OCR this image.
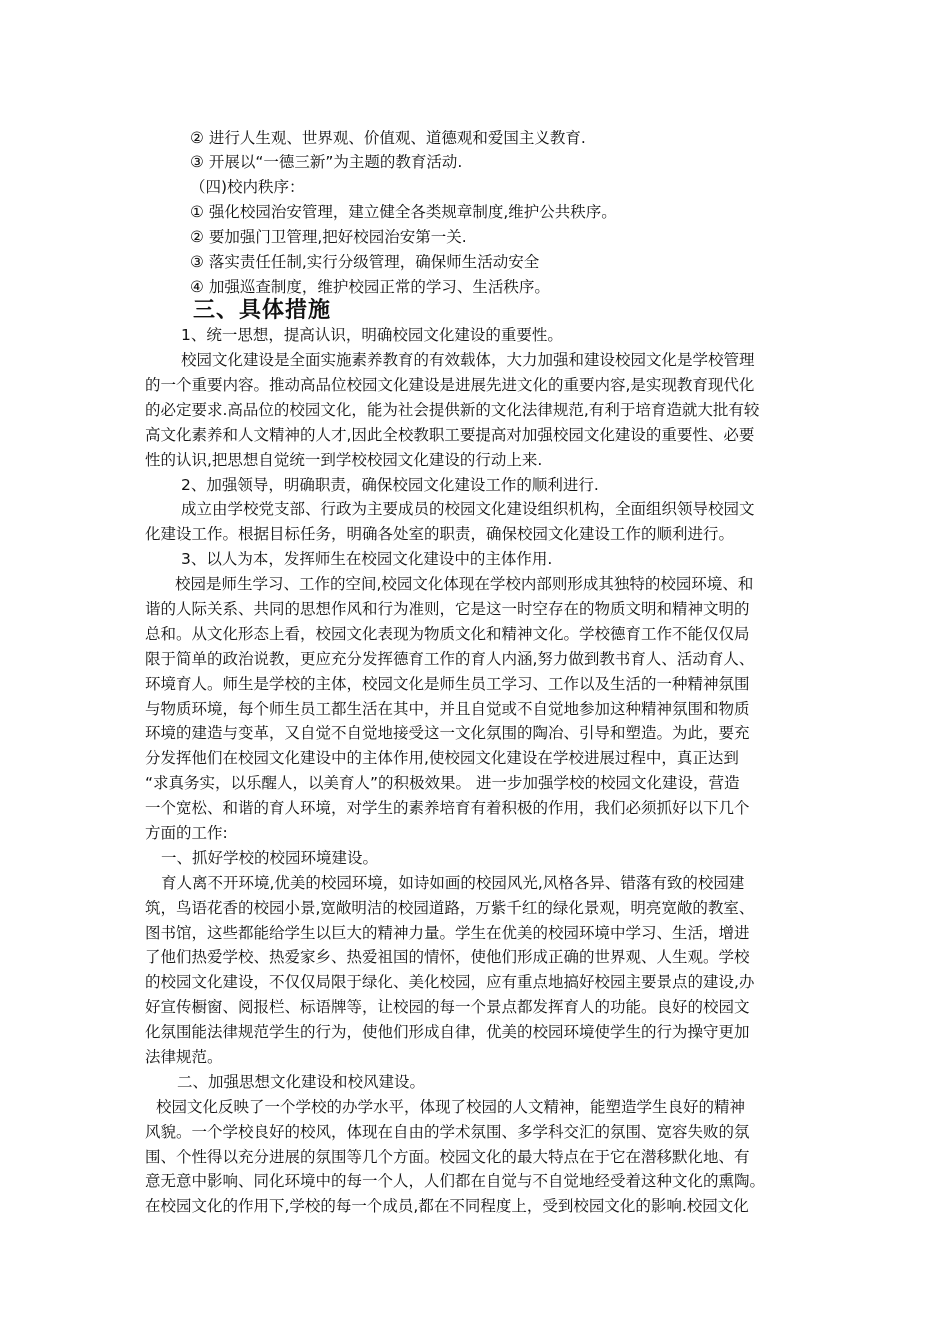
② 进行人生观、世界观、价值观、道德观和爱国主义教育.
③ 开展以“一德三新”为主题的教育活动.
（四)校内秩序：
① 强化校园治安管理，建立健全各类规章制度,维护公共秩序。
② 要加强门卫管理,把好校园治安第一关.
③ 落实责任任制,实行分级管理，确保师生活动安全
④ 加强巡查制度，维护校园正常的学习、生活秩序。
三、具体措施
1、统一思想，提高认识，明确校园文化建设的重要性。
校园文化建设是全面实施素养教育的有效载体，大力加强和建设校园文化是学校管理
的一个重要内容。推动高品位校园文化建设是进展先进文化的重要内容,是实现教育现代化
的必定要求.高品位的校园文化，能为社会提供新的文化法律规范,有利于培育造就大批有较
高文化素养和人文精神的人才,因此全校教职工要提高对加强校园文化建设的重要性、必要
性的认识,把思想自觉统一到学校校园文化建设的行动上来.
2、加强领导，明确职责，确保校园文化建设工作的顺利进行.
成立由学校党支部、行政为主要成员的校园文化建设组织机构，全面组织领导校园文
化建设工作。根据目标任务，明确各处室的职责，确保校园文化建设工作的顺利进行。
3、以人为本，发挥师生在校园文化建设中的主体作用.
校园是师生学习、工作的空间,校园文化体现在学校内部则形成其独特的校园环境、和
谐的人际关系、共同的思想作风和行为准则，它是这一时空存在的物质文明和精神文明的
总和。从文化形态上看，校园文化表现为物质文化和精神文化。学校德育工作不能仅仅局
限于简单的政治说教，更应充分发挥德育工作的育人内涵,努力做到教书育人、活动育人、
环境育人。师生是学校的主体，校园文化是师生员工学习、工作以及生活的一种精神氛围
与物质环境，每个师生员工都生活在其中，并且自觉或不自觉地参加这种精神氛围和物质
环境的建造与变革，又自觉不自觉地接受这一文化氛围的陶冶、引导和塑造。为此，要充
分发挥他们在校园文化建设中的主体作用,使校园文化建设在学校进展过程中，真正达到
“求真务实，以乐醒人，以美育人”的积极效果。 进一步加强学校的校园文化建设，营造
一个宽松、和谐的育人环境，对学生的素养培育有着积极的作用，我们必须抓好以下几个
方面的工作:
一、抓好学校的校园环境建设。
育人离不开环境,优美的校园环境，如诗如画的校园风光,风格各异、错落有致的校园建
筑，鸟语花香的校园小景,宽敞明洁的校园道路，万紫千红的绿化景观，明亮宽敞的教室、
图书馆，这些都能给学生以巨大的精神力量。学生在优美的校园环境中学习、生活，增进
了他们热爱学校、热爱家乡、热爱祖国的情怀，使他们形成正确的世界观、人生观。学校
的校园文化建设，不仅仅局限于绿化、美化校园，应有重点地搞好校园主要景点的建设,办
好宣传橱窗、阅报栏、标语牌等，让校园的每一个景点都发挥育人的功能。良好的校园文
化氛围能法律规范学生的行为，使他们形成自律，优美的校园环境使学生的行为操守更加
法律规范。
二、加强思想文化建设和校风建设。
校园文化反映了一个学校的办学水平，体现了校园的人文精神，能塑造学生良好的精神
风貌。一个学校良好的校风，体现在自由的学术氛围、多学科交汇的氛围、宽容失败的氛
围、个性得以充分进展的氛围等几个方面。校园文化的最大特点在于它在潜移默化地、有
意无意中影响、同化环境中的每一个人，人们都在自觉与不自觉地经受着这种文化的熏陶。
在校园文化的作用下,学校的每一个成员,都在不同程度上，受到校园文化的影响.校园文化
